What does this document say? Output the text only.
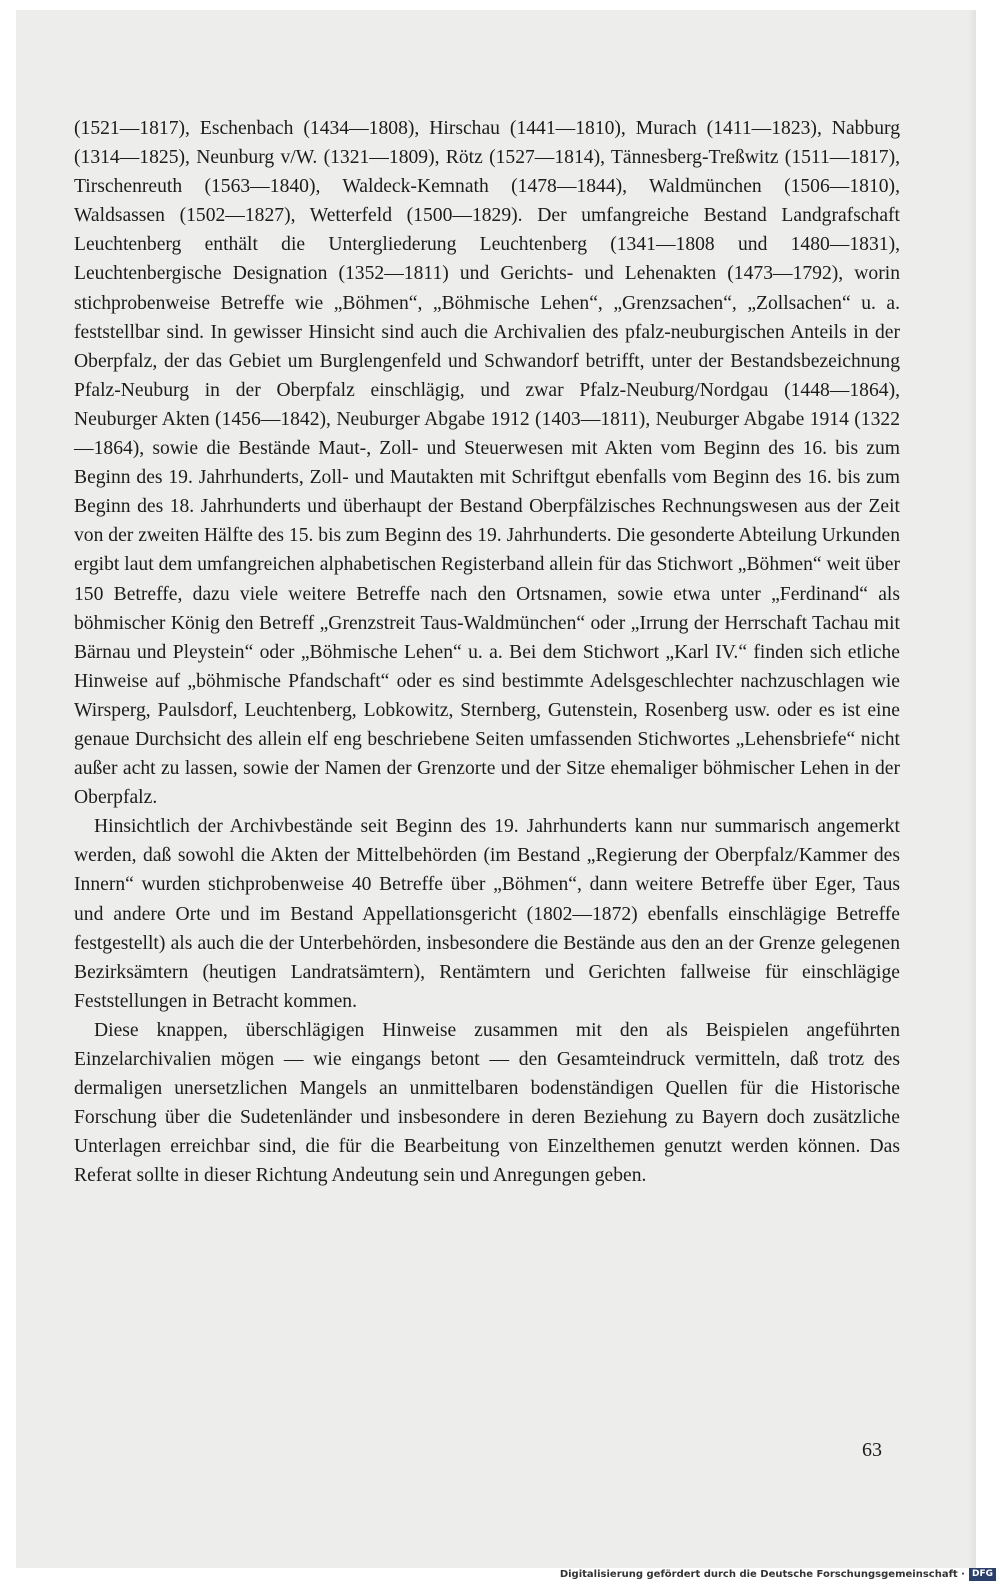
(1521—1817), Eschenbach (1434—1808), Hirschau (1441—1810), Murach (1411—1823), Nabburg (1314—1825), Neunburg v/W. (1321—1809), Rötz (1527—1814), Tännesberg-Treßwitz (1511—1817), Tirschenreuth (1563—1840), Waldeck-Kemnath (1478—1844), Waldmünchen (1506—1810), Waldsassen (1502—1827), Wetterfeld (1500—1829). Der umfangreiche Bestand Landgrafschaft Leuchtenberg enthält die Untergliederung Leuchtenberg (1341—1808 und 1480—1831), Leuchtenbergische Designation (1352—1811) und Gerichts- und Lehenakten (1473—1792), worin stichprobenweise Betreffe wie „Böhmen“, „Böhmische Lehen“, „Grenzsachen“, „Zollsachen“ u. a. feststellbar sind. In gewisser Hinsicht sind auch die Archivalien des pfalz-neuburgischen Anteils in der Oberpfalz, der das Gebiet um Burglengenfeld und Schwandorf betrifft, unter der Bestandsbezeichnung Pfalz-Neuburg in der Oberpfalz einschlägig, und zwar Pfalz-Neuburg/Nordgau (1448—1864), Neuburger Akten (1456—1842), Neuburger Abgabe 1912 (1403—1811), Neuburger Abgabe 1914 (1322—1864), sowie die Bestände Maut-, Zoll- und Steuerwesen mit Akten vom Beginn des 16. bis zum Beginn des 19. Jahrhunderts, Zoll- und Mautakten mit Schriftgut ebenfalls vom Beginn des 16. bis zum Beginn des 18. Jahrhunderts und überhaupt der Bestand Oberpfälzisches Rechnungswesen aus der Zeit von der zweiten Hälfte des 15. bis zum Beginn des 19. Jahrhunderts. Die gesonderte Abteilung Urkunden ergibt laut dem umfangreichen alphabetischen Registerband allein für das Stichwort „Böhmen“ weit über 150 Betreffe, dazu viele weitere Betreffe nach den Ortsnamen, sowie etwa unter „Ferdinand“ als böhmischer König den Betreff „Grenzstreit Taus-Waldmünchen“ oder „Irrung der Herrschaft Tachau mit Bärnau und Pleystein“ oder „Böhmische Lehen“ u. a. Bei dem Stichwort „Karl IV.“ finden sich etliche Hinweise auf „böhmische Pfandschaft“ oder es sind bestimmte Adelsgeschlechter nachzuschlagen wie Wirsperg, Paulsdorf, Leuchtenberg, Lobkowitz, Sternberg, Gutenstein, Rosenberg usw. oder es ist eine genaue Durchsicht des allein elf eng beschriebene Seiten umfassenden Stichwortes „Lehensbriefe“ nicht außer acht zu lassen, sowie der Namen der Grenzorte und der Sitze ehemaliger böhmischer Lehen in der Oberpfalz.

Hinsichtlich der Archivbestände seit Beginn des 19. Jahrhunderts kann nur summarisch angemerkt werden, daß sowohl die Akten der Mittelbehörden (im Bestand „Regierung der Oberpfalz/Kammer des Innern“ wurden stichprobenweise 40 Betreffe über „Böhmen“, dann weitere Betreffe über Eger, Taus und andere Orte und im Bestand Appellationsgericht (1802—1872) ebenfalls einschlägige Betreffe festgestellt) als auch die der Unterbehörden, insbesondere die Bestände aus den an der Grenze gelegenen Bezirksämtern (heutigen Landratsämtern), Rentämtern und Gerichten fallweise für einschlägige Feststellungen in Betracht kommen.

Diese knappen, überschlägigen Hinweise zusammen mit den als Beispielen angeführten Einzelarchivalien mögen — wie eingangs betont — den Gesamteindruck vermitteln, daß trotz des dermaligen unersetzlichen Mangels an unmittelbaren bodenständigen Quellen für die Historische Forschung über die Sudetenländer und insbesondere in deren Beziehung zu Bayern doch zusätzliche Unterlagen erreichbar sind, die für die Bearbeitung von Einzelthemen genutzt werden können. Das Referat sollte in dieser Richtung Andeutung sein und Anregungen geben.

63
Digitalisierung gefördert durch die Deutsche Forschungsgemeinschaft · DFG
